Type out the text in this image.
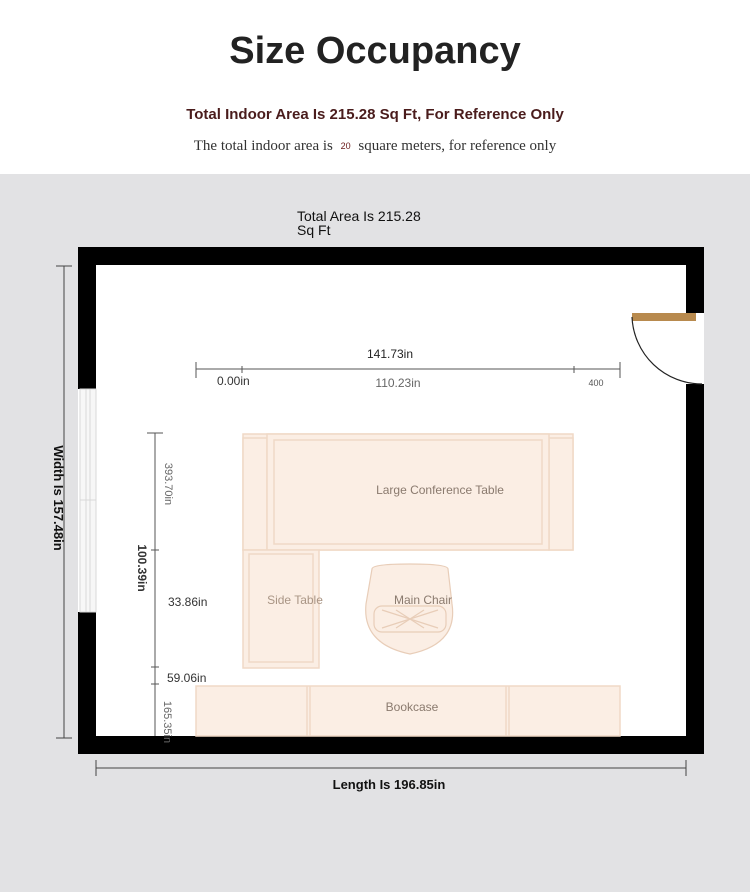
Size Occupancy
Total Indoor Area Is 215.28 Sq Ft, For Reference Only
The total indoor area is 20 square meters, for reference only
Total Area Is 215.28
Sq Ft
Width Is 157.48in
Length Is 196.85in
141.73in
0.00in	110.23in	400
393.70in
100.39in
33.86in
59.06in
165.35in
Large Conference Table
Side Table	Main Chair
Bookcase
